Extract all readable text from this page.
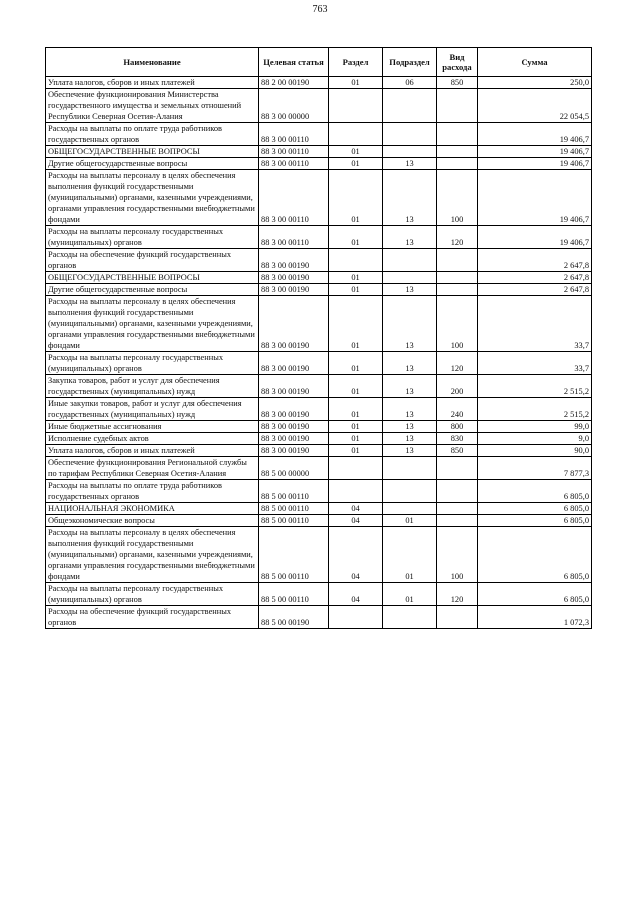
763
Наименование	Целевая статья	Раздел	Подраздел	Вид расхода	Сумма
Уплата налогов, сборов и иных платежей	88 2 00 00190	01	06	850	250,0
Обеспечение функционирования Министерства государственного имущества и земельных отношений Республики Северная Осетия-Алания	88 3 00 00000				22 054,5
Расходы на выплаты по оплате труда работников государственных органов	88 3 00 00110				19 406,7
ОБЩЕГОСУДАРСТВЕННЫЕ ВОПРОСЫ	88 3 00 00110	01			19 406,7
Другие общегосударственные вопросы	88 3 00 00110	01	13		19 406,7
Расходы на выплаты персоналу в целях обеспечения выполнения функций государственными (муниципальными) органами, казенными учреждениями, органами управления государственными внебюджетными фондами	88 3 00 00110	01	13	100	19 406,7
Расходы на выплаты персоналу государственных (муниципальных) органов	88 3 00 00110	01	13	120	19 406,7
Расходы на обеспечение функций государственных органов	88 3 00 00190				2 647,8
ОБЩЕГОСУДАРСТВЕННЫЕ ВОПРОСЫ	88 3 00 00190	01			2 647,8
Другие общегосударственные вопросы	88 3 00 00190	01	13		2 647,8
Расходы на выплаты персоналу в целях обеспечения выполнения функций государственными (муниципальными) органами, казенными учреждениями, органами управления государственными внебюджетными фондами	88 3 00 00190	01	13	100	33,7
Расходы на выплаты персоналу государственных (муниципальных) органов	88 3 00 00190	01	13	120	33,7
Закупка товаров, работ и услуг для обеспечения государственных (муниципальных) нужд	88 3 00 00190	01	13	200	2 515,2
Иные закупки товаров, работ и услуг для обеспечения государственных (муниципальных) нужд	88 3 00 00190	01	13	240	2 515,2
Иные бюджетные ассигнования	88 3 00 00190	01	13	800	99,0
Исполнение судебных актов	88 3 00 00190	01	13	830	9,0
Уплата налогов, сборов и иных платежей	88 3 00 00190	01	13	850	90,0
Обеспечение функционирования Региональной службы по тарифам Республики Северная Осетия-Алания	88 5 00 00000				7 877,3
Расходы на выплаты по оплате труда работников государственных органов	88 5 00 00110				6 805,0
НАЦИОНАЛЬНАЯ ЭКОНОМИКА	88 5 00 00110	04			6 805,0
Общеэкономические вопросы	88 5 00 00110	04	01		6 805,0
Расходы на выплаты персоналу в целях обеспечения выполнения функций государственными (муниципальными) органами, казенными учреждениями, органами управления государственными внебюджетными фондами	88 5 00 00110	04	01	100	6 805,0
Расходы на выплаты персоналу государственных (муниципальных) органов	88 5 00 00110	04	01	120	6 805,0
Расходы на обеспечение функций государственных органов	88 5 00 00190				1 072,3
